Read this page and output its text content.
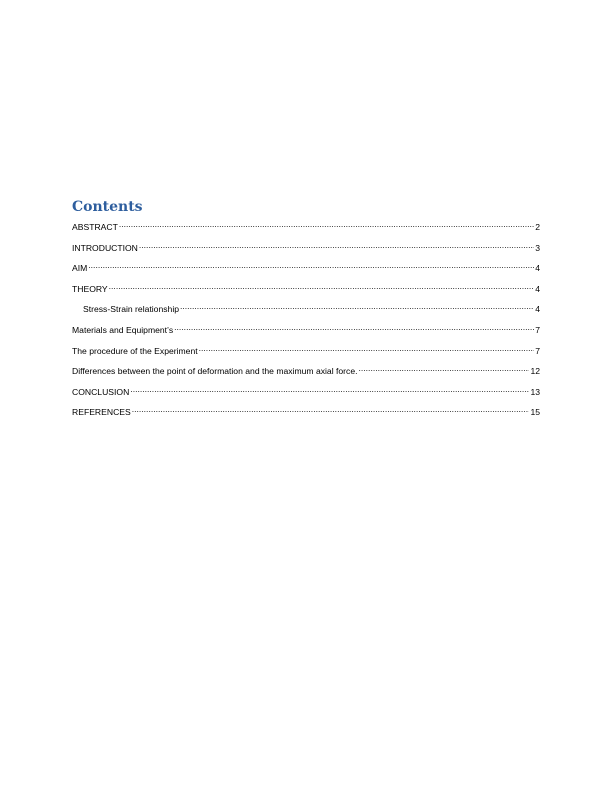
Contents
ABSTRACT .....	2
INTRODUCTION .....	3
AIM .....	4
THEORY .....	4
Stress-Strain relationship .....	4
Materials and Equipment’s .....	7
The procedure of the Experiment .....	7
Differences between the point of deformation and the maximum axial force. .....	12
CONCLUSION .....	13
REFERENCES .....	15
